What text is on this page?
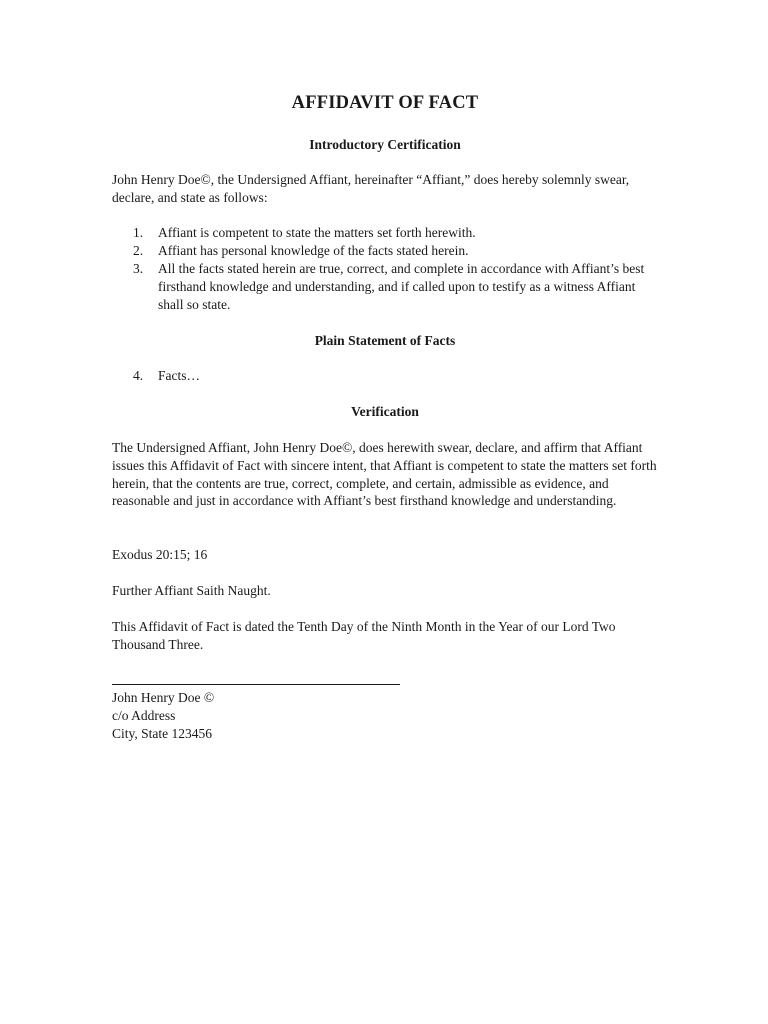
AFFIDAVIT OF FACT
Introductory Certification

John Henry Doe©, the Undersigned Affiant, hereinafter “Affiant,” does hereby solemnly swear, declare, and state as follows:

1. Affiant is competent to state the matters set forth herewith.
2. Affiant has personal knowledge of the facts stated herein.
3. All the facts stated herein are true, correct, and complete in accordance with Affiant’s best firsthand knowledge and understanding, and if called upon to testify as a witness Affiant shall so state.
Plain Statement of Facts
4. Facts…
Verification

The Undersigned Affiant, John Henry Doe©, does herewith swear, declare, and affirm that Affiant issues this Affidavit of Fact with sincere intent, that Affiant is competent to state the matters set forth herein, that the contents are true, correct, complete, and certain, admissible as evidence, and reasonable and just in accordance with Affiant’s best firsthand knowledge and understanding.

Exodus 20:15; 16

Further Affiant Saith Naught.

This Affidavit of Fact is dated the Tenth Day of the Ninth Month in the Year of our Lord Two Thousand Three.

John Henry Doe ©
c/o Address
City, State 123456
